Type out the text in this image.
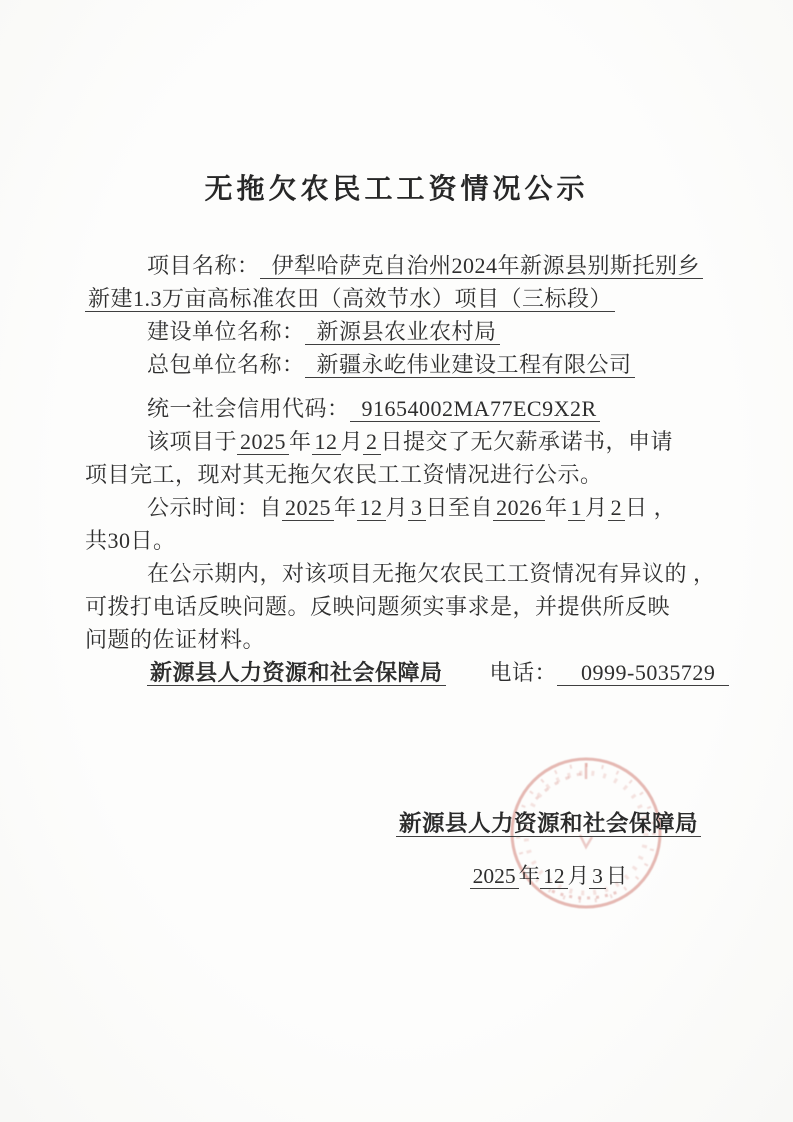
无拖欠农民工工资情况公示
项目名称： 伊犁哈萨克自治州2024年新源县别斯托别乡
新建1.3万亩高标准农田（高效节水）项目（三标段）
建设单位名称： 新源县农业农村局
总包单位名称： 新疆永屹伟业建设工程有限公司
统一社会信用代码： 91654002MA77EC9X2R
该项目于 2025 年 12 月 2 日提交了无欠薪承诺书，申请
项目完工，现对其无拖欠农民工工资情况进行公示。
公示时间：自 2025 年 12 月 3 日至自 2026 年 1 月 2 日 ，
共30日。
在公示期内，对该项目无拖欠农民工工资情况有异议的 ，
可拨打电话反映问题。反映问题须实事求是，并提供所反映
问题的佐证材料。
新源县人力资源和社会保障局 电话： 0999-5035729
新源县人力资源和社会保障局
2025 年 12 月 3 日
